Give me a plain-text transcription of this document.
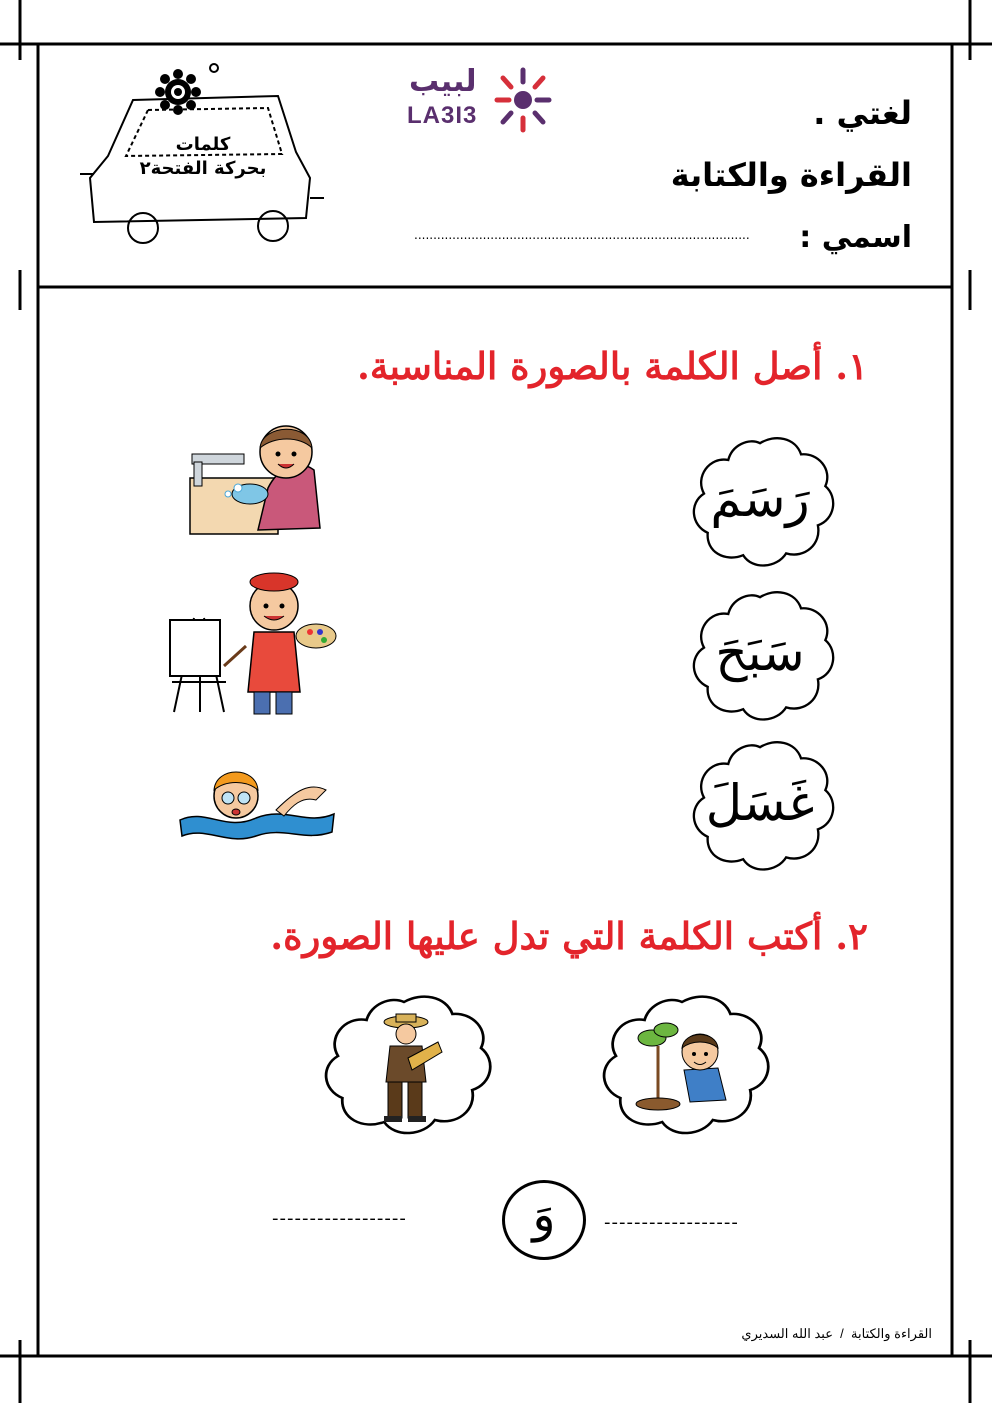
لغتي .
القراءة والكتابة
اسمي :
........................................................................................
لبيب
LA3I3
كلمات
بحركة الفتحة٢
١. أصل الكلمة بالصورة المناسبة.
رَسَمَ
سَبَحَ
غَسَلَ
٢. أكتب الكلمة التي تدل عليها الصورة.
------------------
وَ
------------------
القراءة والكتابة  /  عبد الله السديري
